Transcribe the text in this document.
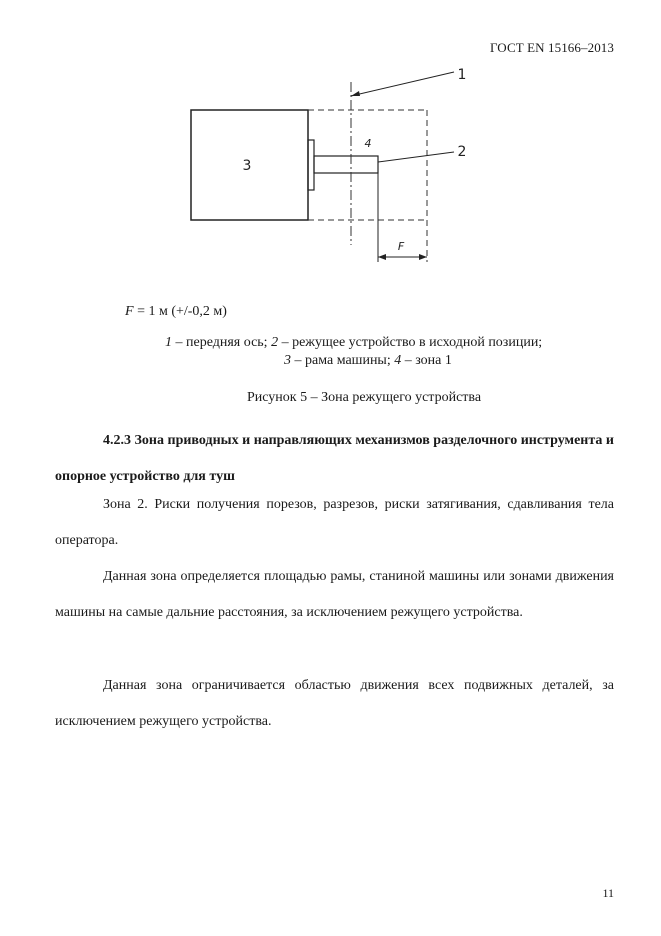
ГОСТ EN 15166–2013
3
4
1
2
F
F = 1 м (+/-0,2 м)
1 – передняя ось; 2 – режущее устройство в исходной позиции;
3 – рама машины; 4 – зона 1
Рисунок 5 – Зона режущего устройства
4.2.3 Зона приводных и направляющих механизмов разделочного инструмента и опорное устройство для туш
Зона 2. Риски получения порезов, разрезов, риски затягивания, сдавливания тела оператора.
Данная зона определяется площадью рамы, станиной машины или зонами движения машины на самые дальние расстояния, за исключением режущего устройства.
Данная зона ограничивается областью движения всех подвижных деталей, за исключением режущего устройства.
11
